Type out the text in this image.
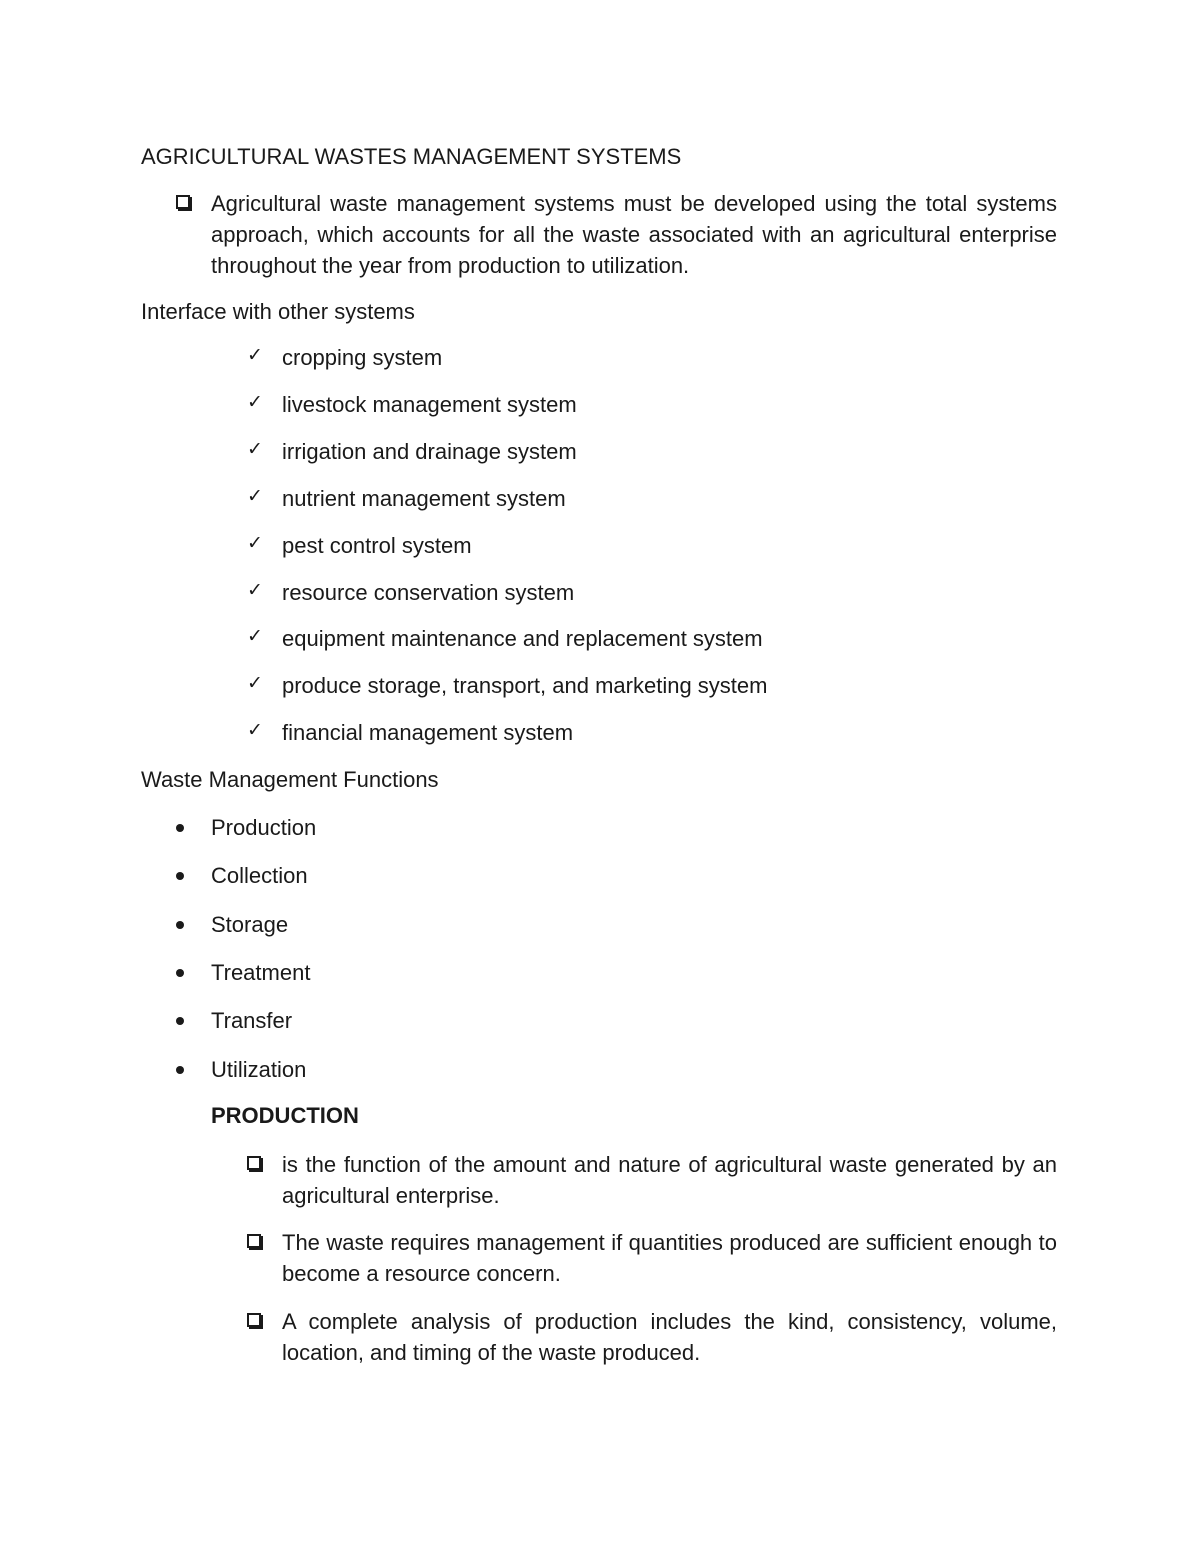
AGRICULTURAL WASTES MANAGEMENT SYSTEMS
Agricultural waste management systems must be developed using the total systems approach, which accounts for all the waste associated with an agricultural enterprise throughout the year from production to utilization.
Interface with other systems
✓ cropping system
✓ livestock management system
✓ irrigation and drainage system
✓ nutrient management system
✓ pest control system
✓ resource conservation system
✓ equipment maintenance and replacement system
✓ produce storage, transport, and marketing system
✓ financial management system
Waste Management Functions
Production
Collection
Storage
Treatment
Transfer
Utilization
PRODUCTION
is the function of the amount and nature of agricultural waste generated by an agricultural enterprise.
The waste requires management if quantities produced are sufficient enough to become a resource concern.
A complete analysis of production includes the kind, consistency, volume, location, and timing of the waste produced.
